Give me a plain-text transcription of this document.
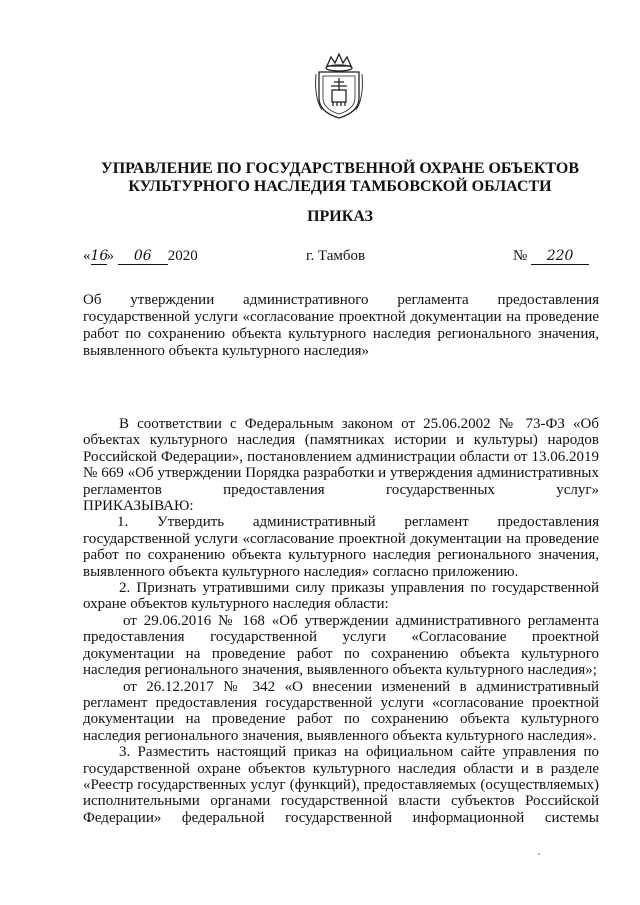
УПРАВЛЕНИЕ ПО ГОСУДАРСТВЕННОЙ ОХРАНЕ ОБЪЕКТОВ
КУЛЬТУРНОГО НАСЛЕДИЯ ТАМБОВСКОЙ ОБЛАСТИ
ПРИКАЗ
«16» 06 2020	г. Тамбов	№ 220

Об утверждении административного регламента предоставления

государственной услуги «согласование проектной документации на проведение работ по сохранению объекта культурного наследия регионального значения, выявленного объекта культурного наследия»

В соответствии с Федеральным законом от 25.06.2002 № 73-ФЗ «Об объектах культурного наследия (памятниках истории и культуры) народов Российской Федерации», постановлением администрации области от 13.06.2019 № 669 «Об утверждении Порядка разработки и утверждения административных регламентов предоставления государственных услуг»

ПРИКАЗЫВАЮ:

1. Утвердить административный регламент предоставления

государственной услуги «согласование проектной документации на проведение работ по сохранению объекта культурного наследия регионального значения, выявленного объекта культурного наследия» согласно приложению.

2. Признать утратившими силу приказы управления по государственной охране объектов культурного наследия области:

от 29.06.2016 № 168 «Об утверждении административного регламента предоставления государственной услуги «Согласование проектной документации на проведение работ по сохранению объекта культурного наследия регионального значения, выявленного объекта культурного наследия»;

от 26.12.2017 № 342 «О внесении изменений в административный регламент предоставления государственной услуги «согласование проектной документации на проведение работ по сохранению объекта культурного наследия регионального значения, выявленного объекта культурного наследия».

3. Разместить настоящий приказ на официальном сайте управления по государственной охране объектов культурного наследия области и в разделе «Реестр государственных услуг (функций), предоставляемых (осуществляемых) исполнительными органами государственной власти субъектов Российской Федерации» федеральной государственной информационной системы
